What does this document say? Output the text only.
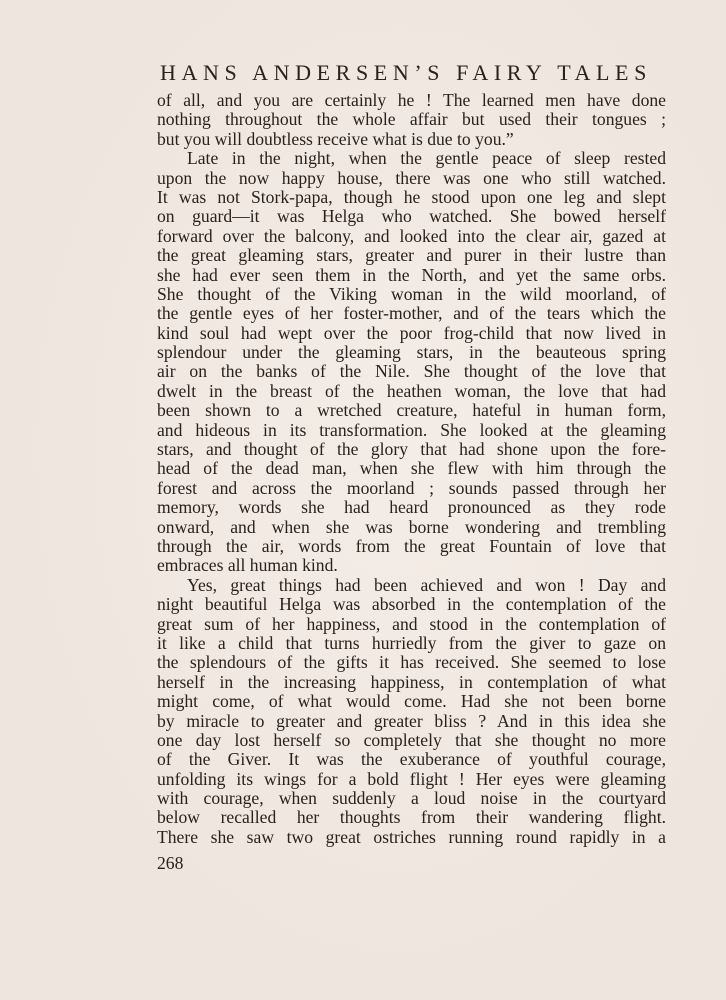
HANS ANDERSEN’S FAIRY TALES
of all, and you are certainly he ! The learned men have done
nothing throughout the whole affair but used their tongues ;
but you will doubtless receive what is due to you.”
Late in the night, when the gentle peace of sleep rested
upon the now happy house, there was one who still watched.
It was not Stork-papa, though he stood upon one leg and slept
on guard—it was Helga who watched. She bowed herself
forward over the balcony, and looked into the clear air, gazed at
the great gleaming stars, greater and purer in their lustre than
she had ever seen them in the North, and yet the same orbs.
She thought of the Viking woman in the wild moorland, of
the gentle eyes of her foster-mother, and of the tears which the
kind soul had wept over the poor frog-child that now lived in
splendour under the gleaming stars, in the beauteous spring
air on the banks of the Nile. She thought of the love that
dwelt in the breast of the heathen woman, the love that had
been shown to a wretched creature, hateful in human form,
and hideous in its transformation. She looked at the gleaming
stars, and thought of the glory that had shone upon the fore-
head of the dead man, when she flew with him through the
forest and across the moorland ; sounds passed through her
memory, words she had heard pronounced as they rode
onward, and when she was borne wondering and trembling
through the air, words from the great Fountain of love that
embraces all human kind.
Yes, great things had been achieved and won ! Day and
night beautiful Helga was absorbed in the contemplation of the
great sum of her happiness, and stood in the contemplation of
it like a child that turns hurriedly from the giver to gaze on
the splendours of the gifts it has received. She seemed to lose
herself in the increasing happiness, in contemplation of what
might come, of what would come. Had she not been borne
by miracle to greater and greater bliss ? And in this idea she
one day lost herself so completely that she thought no more
of the Giver. It was the exuberance of youthful courage,
unfolding its wings for a bold flight ! Her eyes were gleaming
with courage, when suddenly a loud noise in the courtyard
below recalled her thoughts from their wandering flight.
There she saw two great ostriches running round rapidly in a
268
